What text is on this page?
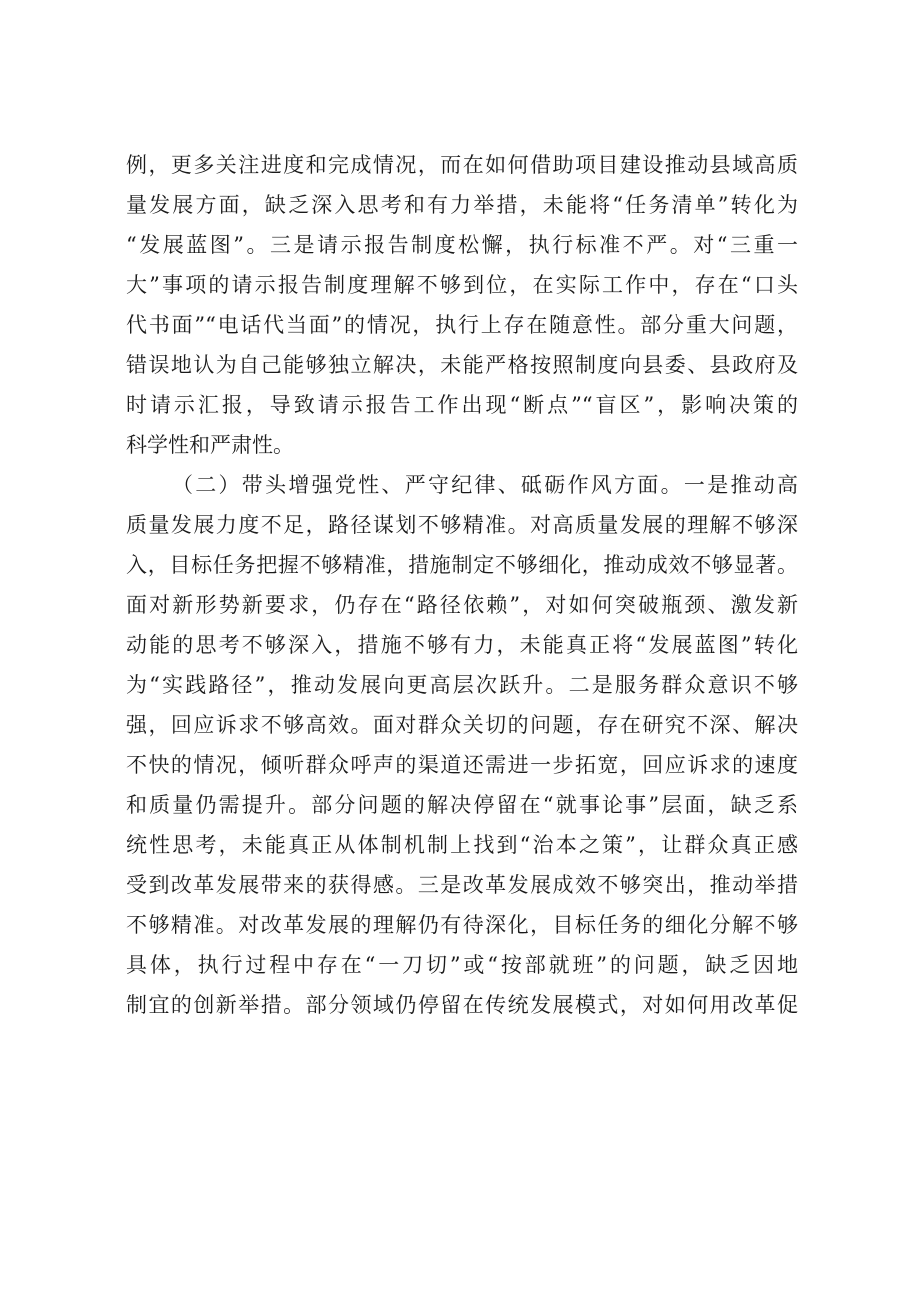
例，更多关注进度和完成情况，而在如何借助项目建设推动县域高质
量发展方面，缺乏深入思考和有力举措，未能将“任务清单”转化为
“发展蓝图”。三是请示报告制度松懈，执行标准不严。对“三重一
大”事项的请示报告制度理解不够到位，在实际工作中，存在“口头
代书面”“电话代当面”的情况，执行上存在随意性。部分重大问题，
错误地认为自己能够独立解决，未能严格按照制度向县委、县政府及
时请示汇报，导致请示报告工作出现“断点”“盲区”，影响决策的
科学性和严肃性。
（二）带头增强党性、严守纪律、砥砺作风方面。一是推动高
质量发展力度不足，路径谋划不够精准。对高质量发展的理解不够深
入，目标任务把握不够精准，措施制定不够细化，推动成效不够显著。
面对新形势新要求，仍存在“路径依赖”，对如何突破瓶颈、激发新
动能的思考不够深入，措施不够有力，未能真正将“发展蓝图”转化
为“实践路径”，推动发展向更高层次跃升。二是服务群众意识不够
强，回应诉求不够高效。面对群众关切的问题，存在研究不深、解决
不快的情况，倾听群众呼声的渠道还需进一步拓宽，回应诉求的速度
和质量仍需提升。部分问题的解决停留在“就事论事”层面，缺乏系
统性思考，未能真正从体制机制上找到“治本之策”，让群众真正感
受到改革发展带来的获得感。三是改革发展成效不够突出，推动举措
不够精准。对改革发展的理解仍有待深化，目标任务的细化分解不够
具体，执行过程中存在“一刀切”或“按部就班”的问题，缺乏因地
制宜的创新举措。部分领域仍停留在传统发展模式，对如何用改革促
